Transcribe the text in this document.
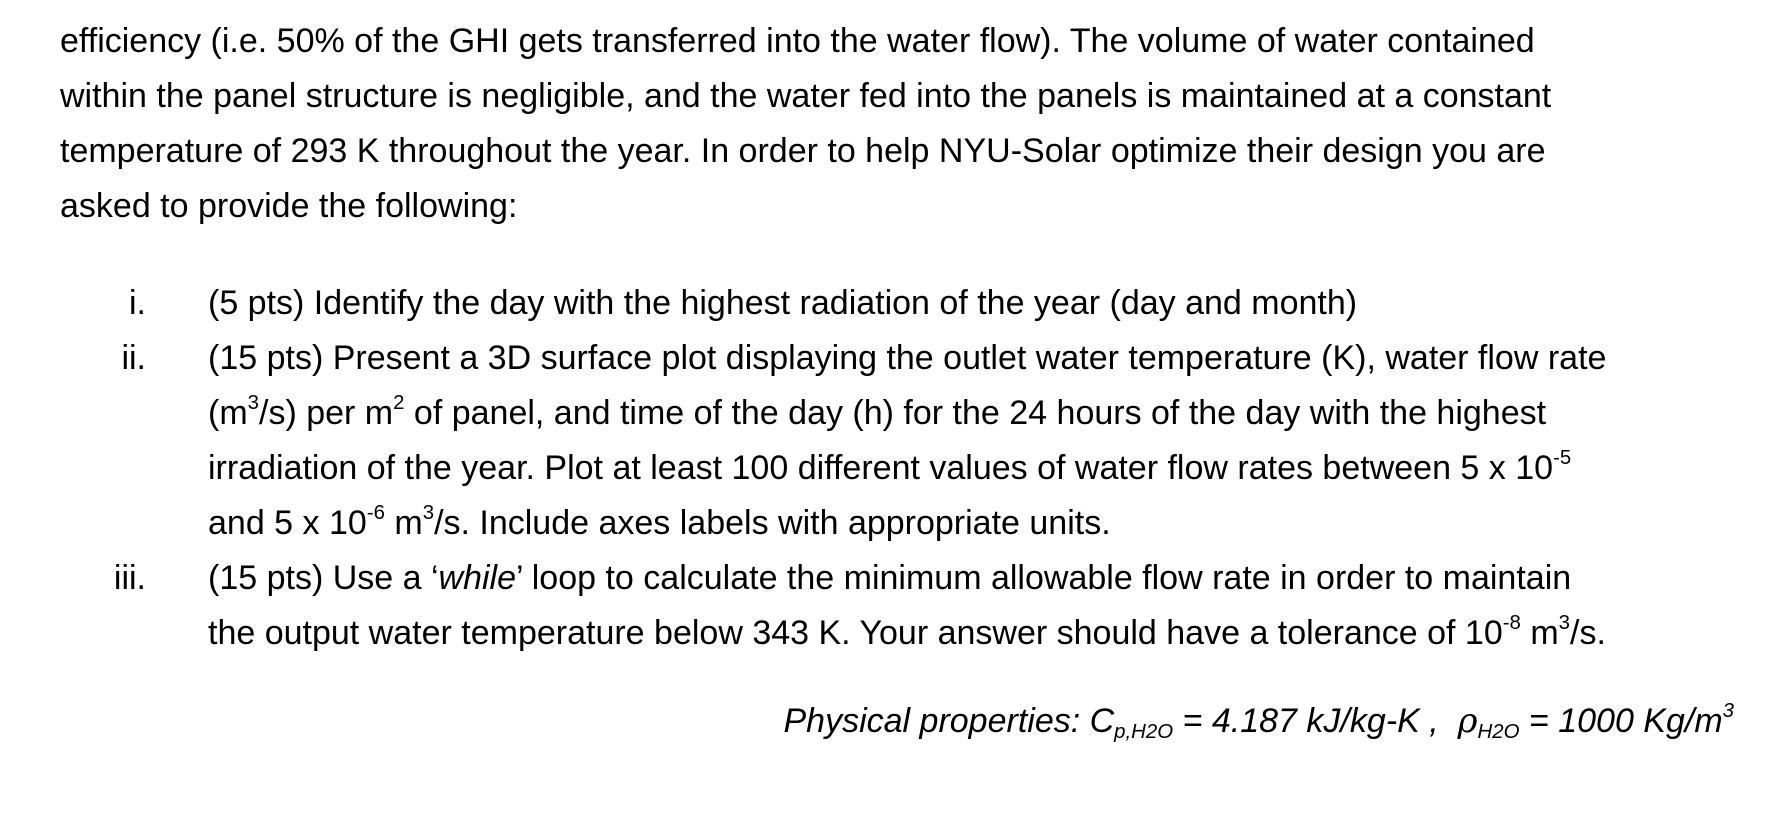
efficiency (i.e. 50% of the GHI gets transferred into the water flow). The volume of water contained
within the panel structure is negligible, and the water fed into the panels is maintained at a constant
temperature of 293 K throughout the year. In order to help NYU-Solar optimize their design you are
asked to provide the following:
i. (5 pts) Identify the day with the highest radiation of the year (day and month)
ii. (15 pts) Present a 3D surface plot displaying the outlet water temperature (K), water flow rate
$(m^3/s)$ per $m^2$ of panel, and time of the day (h) for the 24 hours of the day with the highest
irradiation of the year. Plot at least 100 different values of water flow rates between 5 x $10^{-5}$
and 5 x $10^{-6}$ $m^3/s$. Include axes labels with appropriate units.
iii. (15 pts) Use a ‘while’ loop to calculate the minimum allowable flow rate in order to maintain
the output water temperature below 343 K. Your answer should have a tolerance of $10^{-8}$ $m^3/s$.
Physical properties: $C_{p,H2O} = 4.187$ kJ/kg-K ,  $\rho_{H2O} = 1000$ $Kg/m^3$
